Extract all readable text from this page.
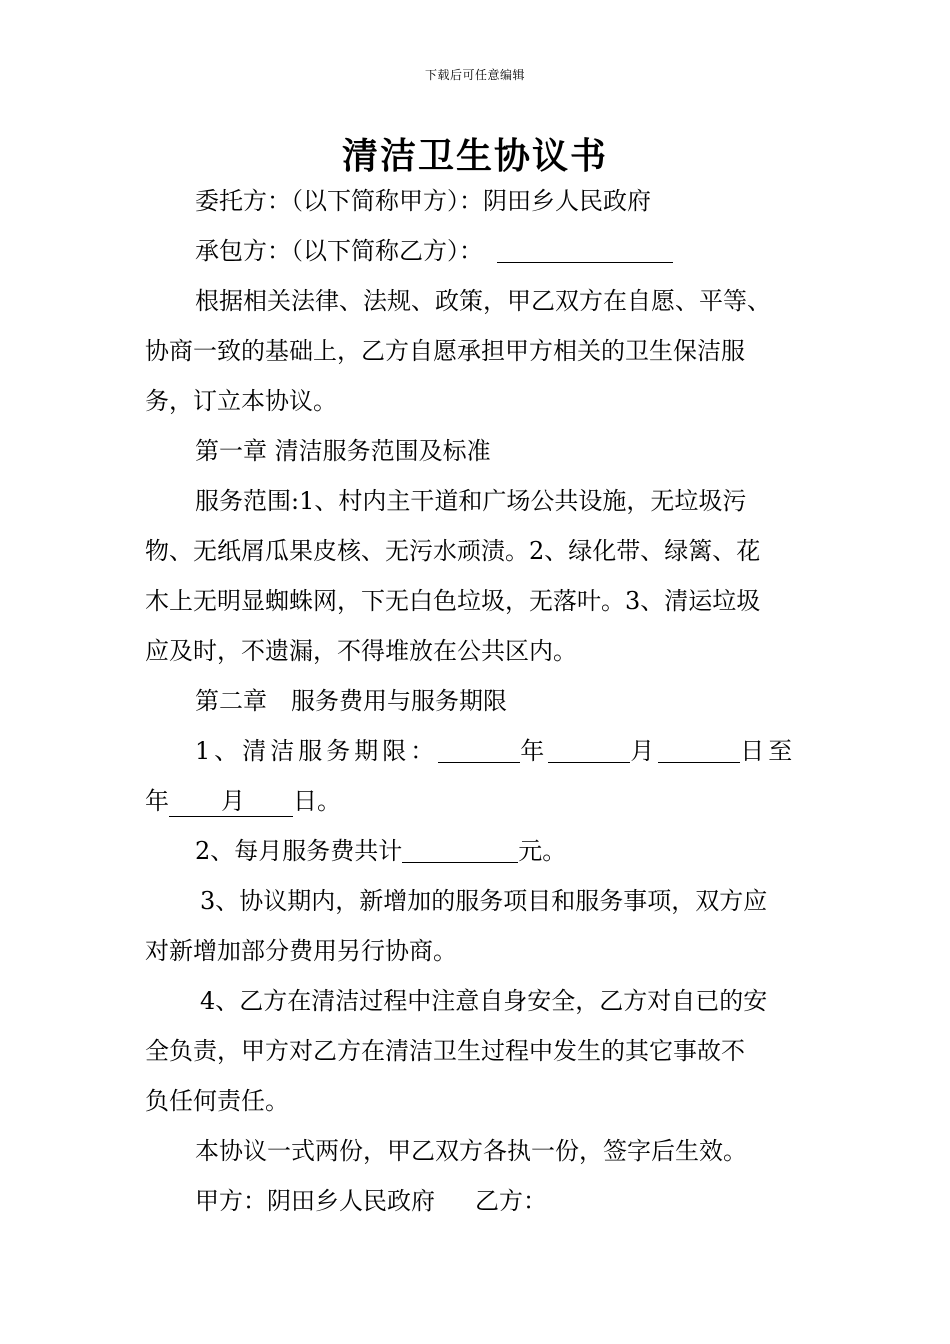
下载后可任意编辑
清洁卫生协议书

委托方：（以下简称甲方）：阴田乡人民政府

承包方：（以下简称乙方）：

根据相关法律、法规、政策，甲乙双方在自愿、平等、

协商一致的基础上，乙方自愿承担甲方相关的卫生保洁服

务，订立本协议。

第一章 清洁服务范围及标准

服务范围:1、村内主干道和广场公共设施，无垃圾污

物、无纸屑瓜果皮核、无污水顽渍。2、绿化带、绿篱、花

木上无明显蜘蛛网，下无白色垃圾，无落叶。3、清运垃圾

应及时，不遗漏，不得堆放在公共区内。

第二章　服务费用与服务期限

1、清洁服务期限：	年	月	日至

年 月 日。

2、每月服务费共计	元。

3、协议期内，新增加的服务项目和服务事项，双方应

对新增加部分费用另行协商。

4、乙方在清洁过程中注意自身安全，乙方对自已的安

全负责，甲方对乙方在清洁卫生过程中发生的其它事故不

负任何责任。

本协议一式两份，甲乙双方各执一份，签字后生效。

甲方：阴田乡人民政府 乙方：
